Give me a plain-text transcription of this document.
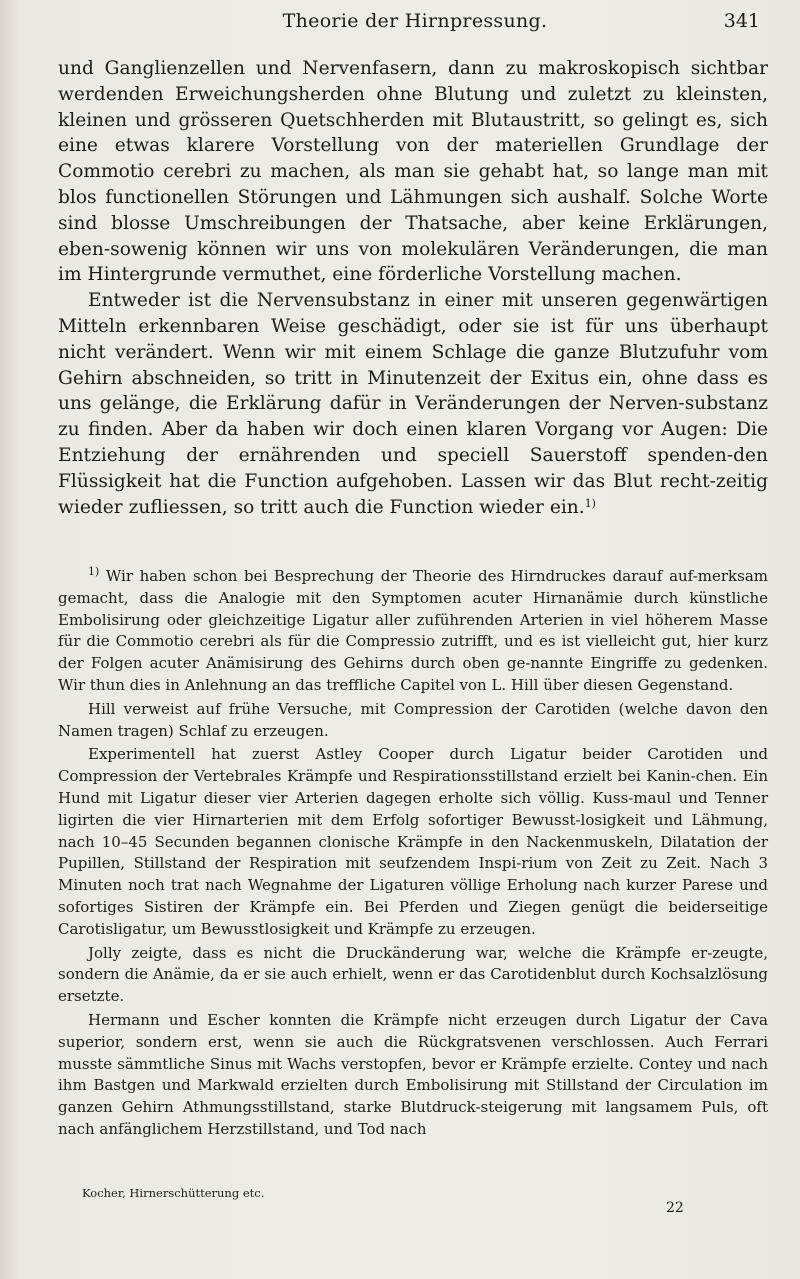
Theorie der Hirnpressung.	341

und Ganglienzellen und Nervenfasern, dann zu makroskopisch sichtbar werdenden Erweichungsherden ohne Blutung und zuletzt zu kleinsten, kleinen und grösseren Quetschherden mit Blutaustritt, so gelingt es, sich eine etwas klarere Vorstellung von der materiellen Grundlage der Commotio cerebri zu machen, als man sie gehabt hat, so lange man mit blos functionellen Störungen und Lähmungen sich aushalf. Solche Worte sind blosse Umschreibungen der Thatsache, aber keine Erklärungen, eben-sowenig können wir uns von molekulären Veränderungen, die man im Hintergrunde vermuthet, eine förderliche Vorstellung machen.

Entweder ist die Nervensubstanz in einer mit unseren gegenwärtigen Mitteln erkennbaren Weise geschädigt, oder sie ist für uns überhaupt nicht verändert. Wenn wir mit einem Schlage die ganze Blutzufuhr vom Gehirn abschneiden, so tritt in Minutenzeit der Exitus ein, ohne dass es uns gelänge, die Erklärung dafür in Veränderungen der Nerven-substanz zu finden. Aber da haben wir doch einen klaren Vorgang vor Augen: Die Entziehung der ernährenden und speciell Sauerstoff spenden-den Flüssigkeit hat die Function aufgehoben. Lassen wir das Blut recht-zeitig wieder zufliessen, so tritt auch die Function wieder ein.$^{1)}$

$^{1)}$ Wir haben schon bei Besprechung der Theorie des Hirndruckes darauf auf-merksam gemacht, dass die Analogie mit den Symptomen acuter Hirnanämie durch künstliche Embolisirung oder gleichzeitige Ligatur aller zuführenden Arterien in viel höherem Masse für die Commotio cerebri als für die Compressio zutrifft, und es ist vielleicht gut, hier kurz der Folgen acuter Anämisirung des Gehirns durch oben ge-nannte Eingriffe zu gedenken. Wir thun dies in Anlehnung an das treffliche Capitel von L. Hill über diesen Gegenstand.

Hill verweist auf frühe Versuche, mit Compression der Carotiden (welche davon den Namen tragen) Schlaf zu erzeugen.

Experimentell hat zuerst Astley Cooper durch Ligatur beider Carotiden und Compression der Vertebrales Krämpfe und Respirationsstillstand erzielt bei Kanin-chen. Ein Hund mit Ligatur dieser vier Arterien dagegen erholte sich völlig. Kuss-maul und Tenner ligirten die vier Hirnarterien mit dem Erfolg sofortiger Bewusst-losigkeit und Lähmung, nach 10–45 Secunden begannen clonische Krämpfe in den Nackenmuskeln, Dilatation der Pupillen, Stillstand der Respiration mit seufzendem Inspi-rium von Zeit zu Zeit. Nach 3 Minuten noch trat nach Wegnahme der Ligaturen völlige Erholung nach kurzer Parese und sofortiges Sistiren der Krämpfe ein. Bei Pferden und Ziegen genügt die beiderseitige Carotisligatur, um Bewusstlosigkeit und Krämpfe zu erzeugen.

Jolly zeigte, dass es nicht die Druckänderung war, welche die Krämpfe er-zeugte, sondern die Anämie, da er sie auch erhielt, wenn er das Carotidenblut durch Kochsalzlösung ersetzte.

Hermann und Escher konnten die Krämpfe nicht erzeugen durch Ligatur der Cava superior, sondern erst, wenn sie auch die Rückgratsvenen verschlossen. Auch Ferrari musste sämmtliche Sinus mit Wachs verstopfen, bevor er Krämpfe erzielte. Contey und nach ihm Bastgen und Markwald erzielten durch Embolisirung mit Stillstand der Circulation im ganzen Gehirn Athmungsstillstand, starke Blutdruck-steigerung mit langsamem Puls, oft nach anfänglichem Herzstillstand, und Tod nach

Kocher, Hirnerschütterung etc.
22
